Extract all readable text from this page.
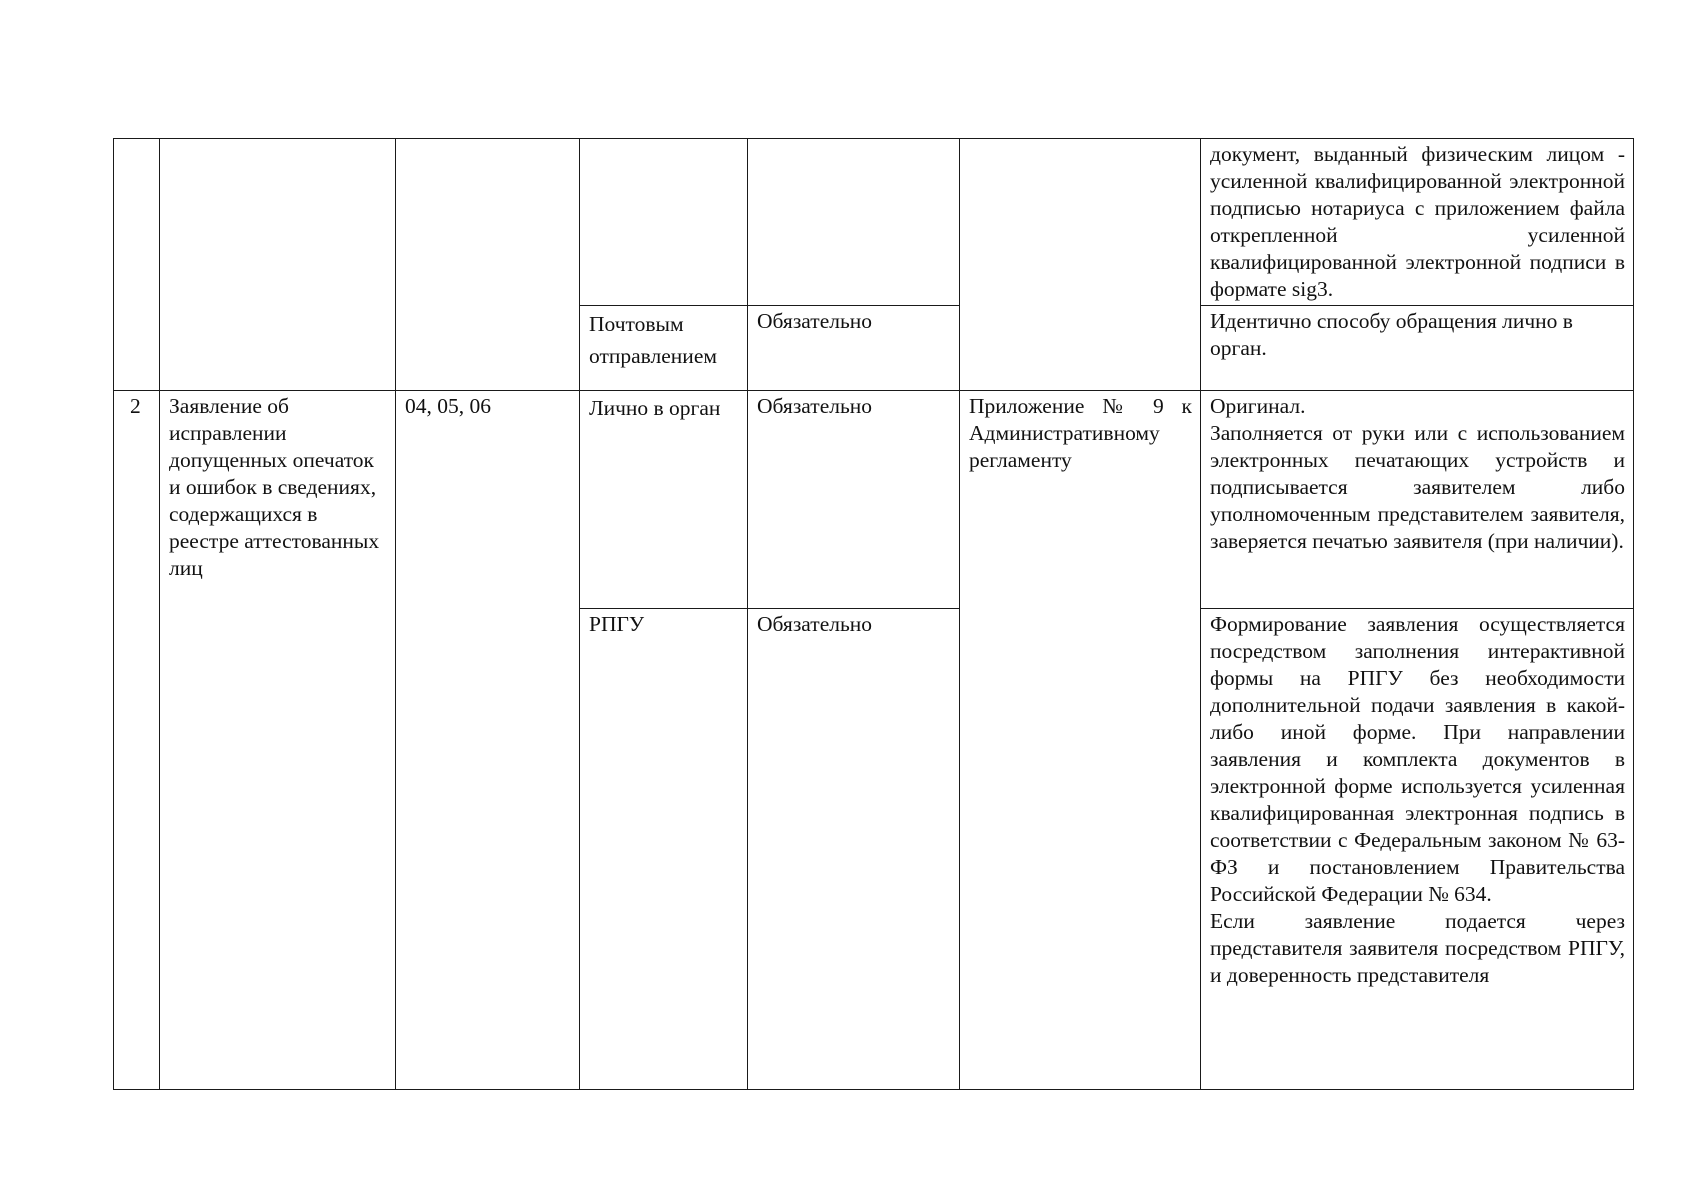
						документ, выданный физическим лицом - усиленной квалифицированной электронной подписью нотариуса с приложением файла открепленной усиленной квалифицированной электронной подписи в формате sig3.
			Почтовым отправлением	Обязательно		Идентично способу обращения лично в орган.
2	Заявление об исправлении допущенных опечаток и ошибок в сведениях, содержащихся в реестре аттестованных лиц	04, 05, 06	Лично в орган	Обязательно	Приложение № 9 к Административному регламенту	Оригинал.
Заполняется от руки или с использованием электронных печатающих устройств и подписывается заявителем либо уполномоченным представителем заявителя, заверяется печатью заявителя (при наличии).

			РПГУ	Обязательно		Формирование заявления осуществляется посредством заполнения интерактивной формы на РПГУ без необходимости дополнительной подачи заявления в какой-либо иной форме. При направлении заявления и комплекта документов в электронной форме используется усиленная квалифицированная электронная подпись в соответствии с Федеральным законом № 63-ФЗ и постановлением Правительства Российской Федерации № 634.
Если заявление подается через представителя заявителя посредством РПГУ, и доверенность представителя
